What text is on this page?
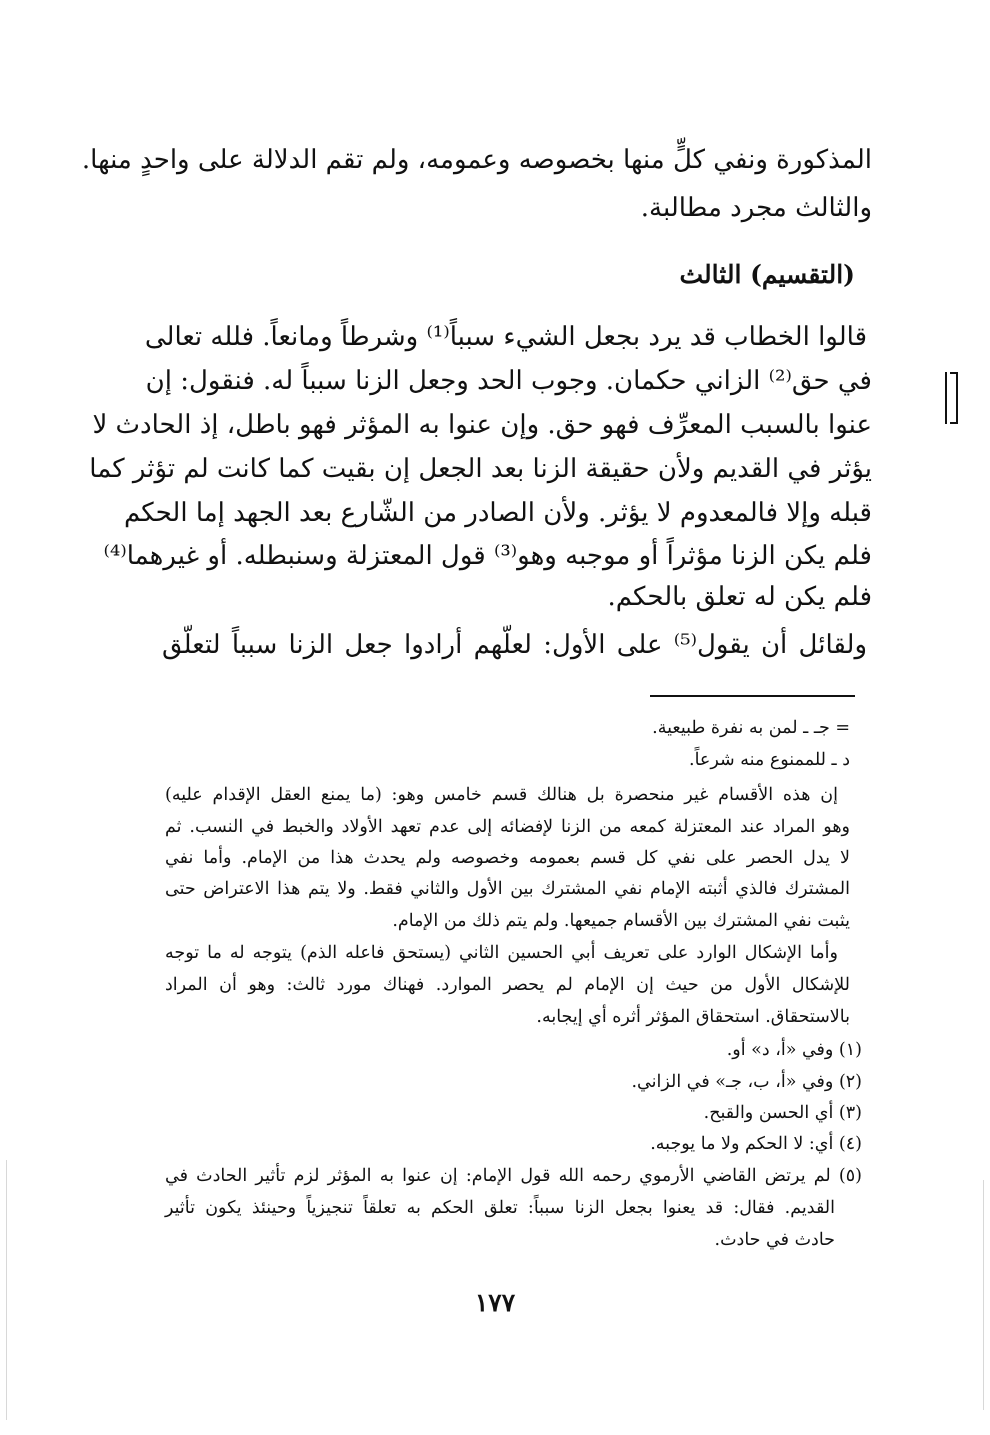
المذكورة ونفي كلٍّ منها بخصوصه وعمومه، ولم تقم الدلالة على واحدٍ منها.
والثالث مجرد مطالبة.
(التقسيم) الثالث
قالوا الخطاب قد يرد بجعل الشيء سبباً⁽¹⁾ وشرطاً ومانعاً. فلله تعالى
في حق⁽²⁾ الزاني حكمان. وجوب الحد وجعل الزنا سبباً له. فنقول: إن
عنوا بالسبب المعرِّف فهو حق. وإن عنوا به المؤثر فهو باطل، إذ الحادث لا
يؤثر في القديم ولأن حقيقة الزنا بعد الجعل إن بقيت كما كانت لم تؤثر كما
قبله وإلا فالمعدوم لا يؤثر. ولأن الصادر من الشّارع بعد الجهد إما الحكم
فلم يكن الزنا مؤثراً أو موجبه وهو⁽³⁾ قول المعتزلة وسنبطله. أو غيرهما⁽⁴⁾
فلم يكن له تعلق بالحكم.
ولقائل أن يقول⁽⁵⁾ على الأول: لعلّهم أرادوا جعل الزنا سبباً لتعلّق
= جـ ـ لمن به نفرة طبيعية.
د ـ للممنوع منه شرعاً.
إن هذه الأقسام غير منحصرة بل هنالك قسم خامس وهو: (ما يمنع العقل الإقدام عليه)
وهو المراد عند المعتزلة كمعه من الزنا لإفضائه إلى عدم تعهد الأولاد والخبط في النسب. ثم
لا يدل الحصر على نفي كل قسم بعمومه وخصوصه ولم يحدث هذا من الإمام. وأما نفي
المشترك فالذي أثبته الإمام نفي المشترك بين الأول والثاني فقط. ولا يتم هذا الاعتراض حتى
يثبت نفي المشترك بين الأقسام جميعها. ولم يتم ذلك من الإمام.
وأما الإشكال الوارد على تعريف أبي الحسين الثاني (يستحق فاعله الذم) يتوجه له ما توجه
للإشكال الأول من حيث إن الإمام لم يحصر الموارد. فهناك مورد ثالث: وهو أن المراد
بالاستحقاق. استحقاق المؤثر أثره أي إيجابه.
(١) وفي «أ، د» أو.
(٢) وفي «أ، ب، جـ» في الزاني.
(٣) أي الحسن والقبح.
(٤) أي: لا الحكم ولا ما يوجبه.
(٥) لم يرتض القاضي الأرموي رحمه الله قول الإمام: إن عنوا به المؤثر لزم تأثير الحادث في
القديم. فقال: قد يعنوا بجعل الزنا سبباً: تعلق الحكم به تعلقاً تنجيزياً وحينئذ يكون تأثير
حادث في حادث.
١٧٧
